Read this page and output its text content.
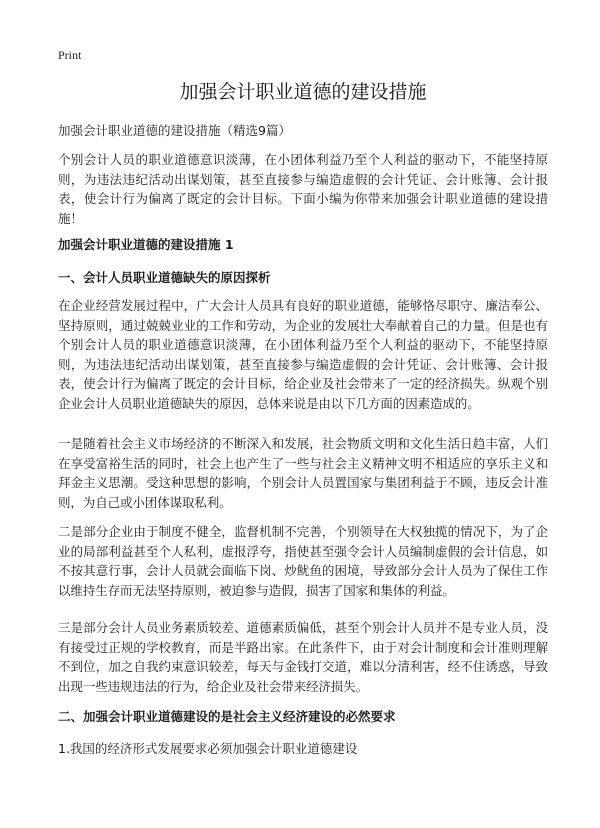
Print
加强会计职业道德的建设措施

加强会计职业道德的建设措施（精选9篇）

个别会计人员的职业道德意识淡薄，在小团体利益乃至个人利益的驱动下，不能坚持原则，为违法违纪活动出谋划策，甚至直接参与编造虚假的会计凭证、会计账簿、会计报表，使会计行为偏离了既定的会计目标。下面小编为你带来加强会计职业道德的建设措施！

加强会计职业道德的建设措施 1

一、会计人员职业道德缺失的原因探析

在企业经营发展过程中，广大会计人员具有良好的职业道德，能够恪尽职守、廉洁奉公、坚持原则，通过兢兢业业的工作和劳动，为企业的发展壮大奉献着自己的力量。但是也有个别会计人员的职业道德意识淡薄，在小团体利益乃至个人利益的驱动下，不能坚持原则，为违法违纪活动出谋划策，甚至直接参与编造虚假的会计凭证、会计账簿、会计报表，使会计行为偏离了既定的会计目标，给企业及社会带来了一定的经济损失。纵观个别企业会计人员职业道德缺失的原因，总体来说是由以下几方面的因素造成的。

一是随着社会主义市场经济的不断深入和发展，社会物质文明和文化生活日趋丰富，人们在享受富裕生活的同时，社会上也产生了一些与社会主义精神文明不相适应的享乐主义和拜金主义思潮。受这种思想的影响，个别会计人员置国家与集团利益于不顾，违反会计准则，为自己或小团体谋取私利。

二是部分企业由于制度不健全，监督机制不完善，个别领导在大权独揽的情况下，为了企业的局部利益甚至个人私利，虚报浮夸，指使甚至强令会计人员编制虚假的会计信息，如不按其意行事，会计人员就会面临下岗、炒鱿鱼的困境，导致部分会计人员为了保住工作以维持生存而无法坚持原则，被迫参与造假，损害了国家和集体的利益。

三是部分会计人员业务素质较差、道德素质偏低，甚至个别会计人员并不是专业人员，没有接受过正规的学校教育，而是半路出家。在此条件下，由于对会计制度和会计准则理解不到位，加之自我约束意识较差，每天与金钱打交道，难以分清利害，经不住诱惑，导致出现一些违规违法的行为，给企业及社会带来经济损失。

二、加强会计职业道德建设的是社会主义经济建设的必然要求

1.我国的经济形式发展要求必须加强会计职业道德建设
